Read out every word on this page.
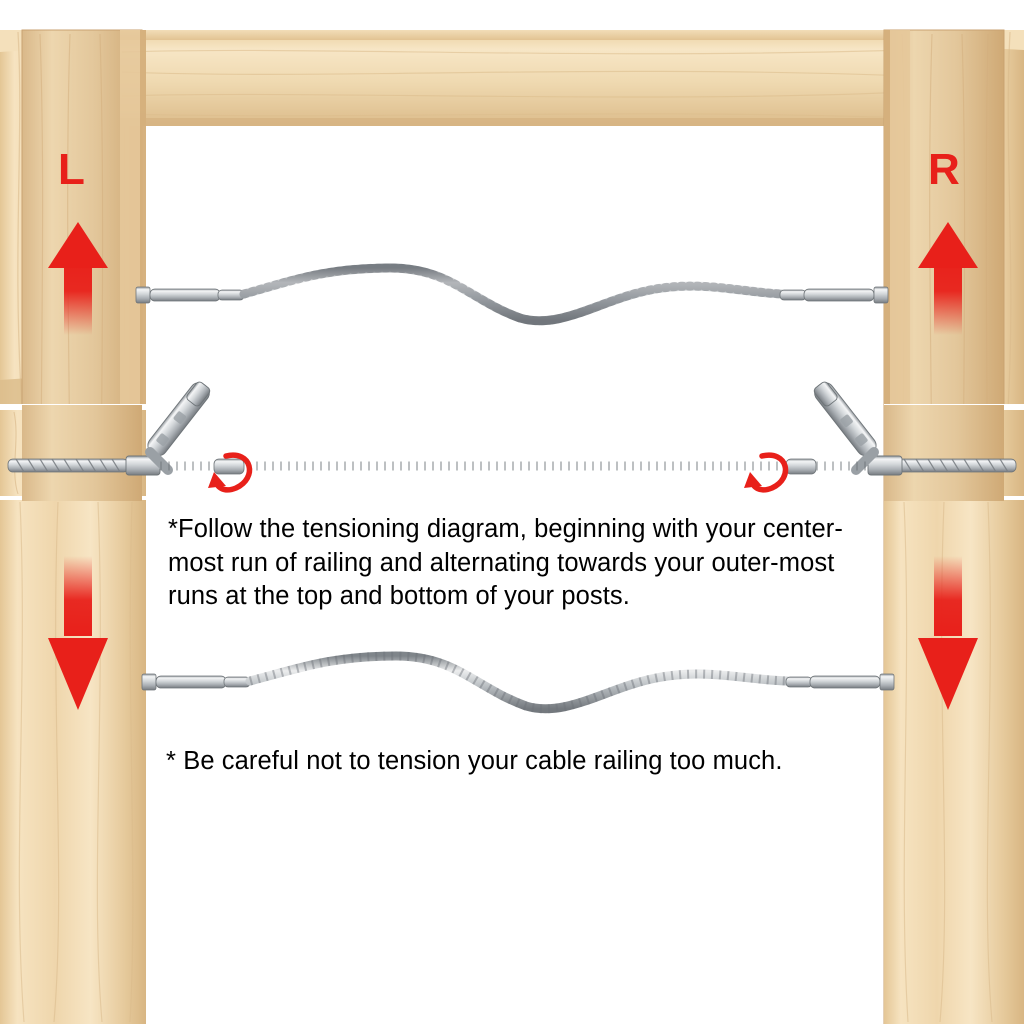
L	R
*Follow the tensioning diagram, beginning with your center-most run of railing and alternating towards your outer-most runs at the top and bottom of your posts.
* Be careful not to tension your cable railing too much.
